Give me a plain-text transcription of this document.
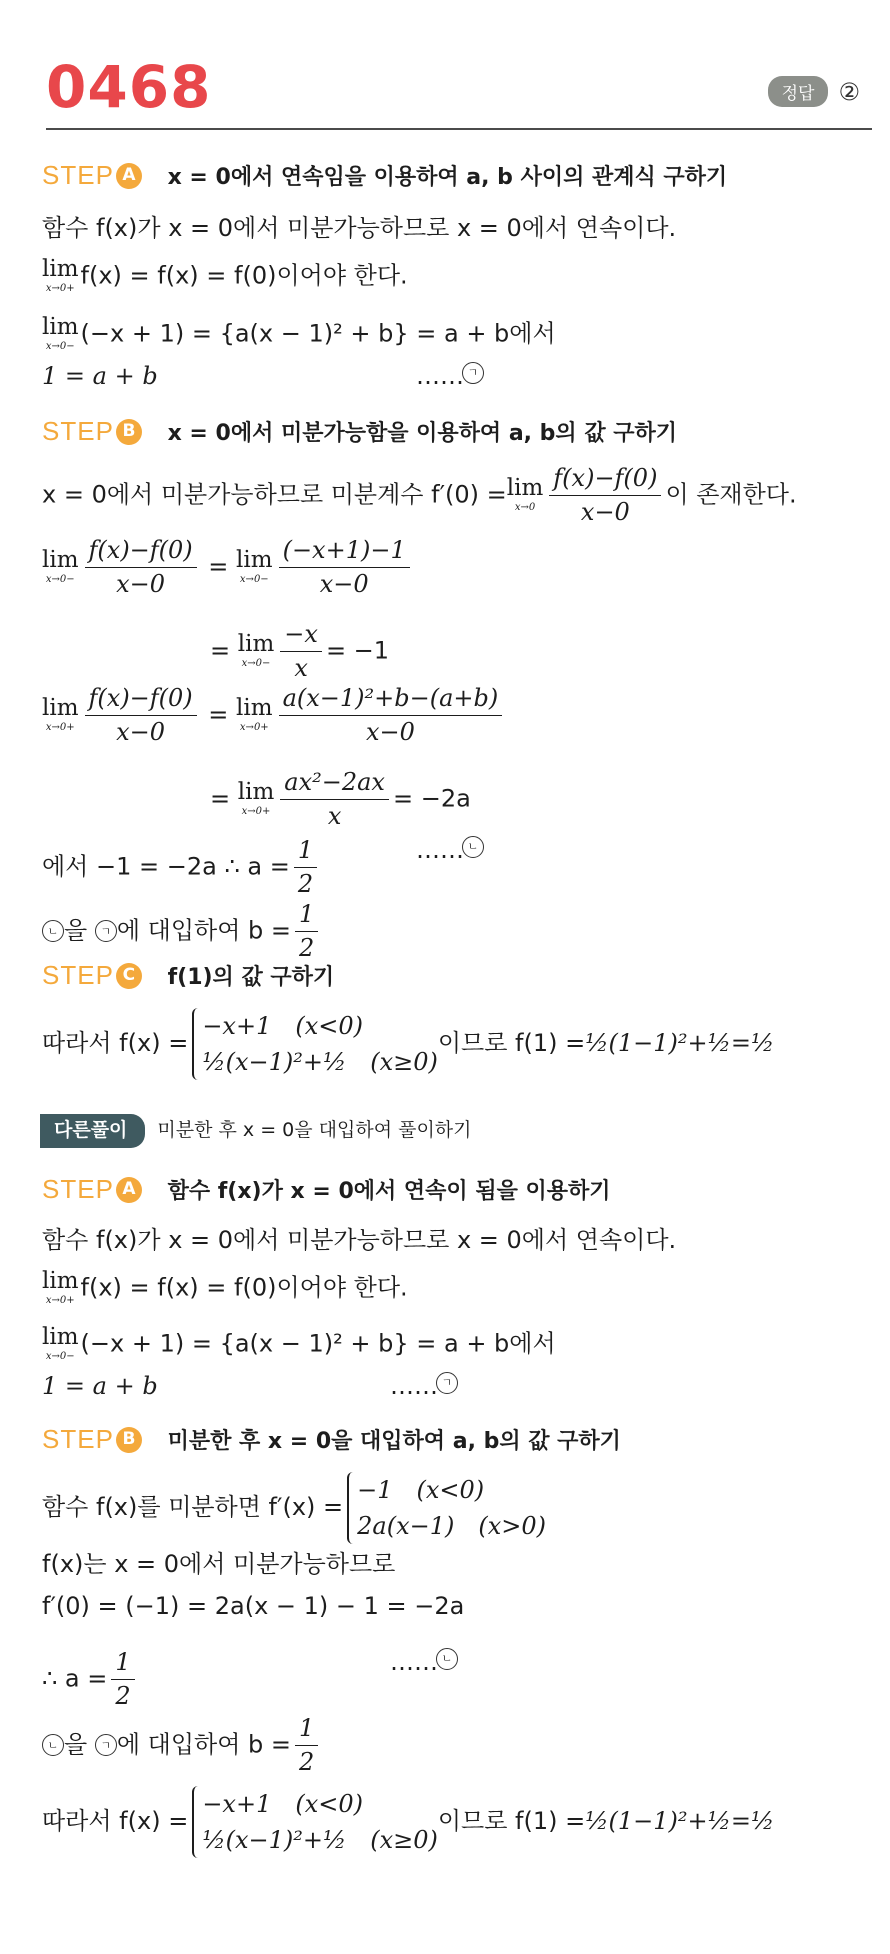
0468	정답	②
STEP A x = 0에서 연속임을 이용하여 a, b 사이의 관계식 구하기
함수 f(x)가 x = 0에서 미분가능하므로 x = 0에서 연속이다.
lim
x→0+ f(x) = f(x) = f(0)이어야 한다.
lim
x→0− (−x + 1) = {a(x − 1)² + b} = a + b에서
1 = a + b	…… ㄱ
STEP B x = 0에서 미분가능함을 이용하여 a, b의 값 구하기
x = 0에서 미분가능하므로 미분계수 f′(0) = lim
$x\to 0 \frac{f(x)-f(0)}{x-0}$ 이 존재한다.
lim
$x\to 0- \frac{f(x)-f(0)}{x-0} = \lim$
$x\to 0- \frac{(-x+1)-1}{x-0}$
= lim
$x\to 0- \frac{-x}{x} = -1$
lim
$x\to 0+ \frac{f(x)-f(0)}{x-0} = \lim$
$x\to 0+ \frac{\text{a(x−1)²+b−(a+b)}}{x-0}$
= lim
$x\to 0+ \frac{\text{ax²−2ax}}{x} = -2a$
에서 −1 = −2a ∴ $a = \frac{1}{2}$	…… ㄴ
ㄴ 을 ㄱ 에 대입하여 $b = \frac{1}{2}$
STEP C	f(1)의 값 구하기
따라서 f(x) =
−x+1 (x<0)
½(x−1)²+½ (x≥0)
이므로 f(1) =½(1−1)²+½=½
다른풀이 미분한 후 x = 0을 대입하여 풀이하기
STEP A 함수 f(x)가 x = 0에서 연속이 됨을 이용하기
함수 f(x)가 x = 0에서 미분가능하므로 x = 0에서 연속이다.
lim
x→0+ f(x) = f(x) = f(0)이어야 한다.
lim
x→0− (−x + 1) = {a(x − 1)² + b} = a + b에서
1 = a + b	…… ㄱ
STEP B 미분한 후 x = 0을 대입하여 a, b의 값 구하기
함수 f(x)를 미분하면 f′(x) =
−1 (x<0)
2a(x−1) (x>0)
f(x)는 x = 0에서 미분가능하므로
f′(0) = (−1) = 2a(x − 1) − 1 = −2a
∴ $a = \frac{1}{2}$	…… ㄴ
ㄴ 을 ㄱ 에 대입하여 $b = \frac{1}{2}$
따라서 f(x) =
−x+1 (x<0)
½(x−1)²+½ (x≥0)
이므로 f(1) =½(1−1)²+½=½
